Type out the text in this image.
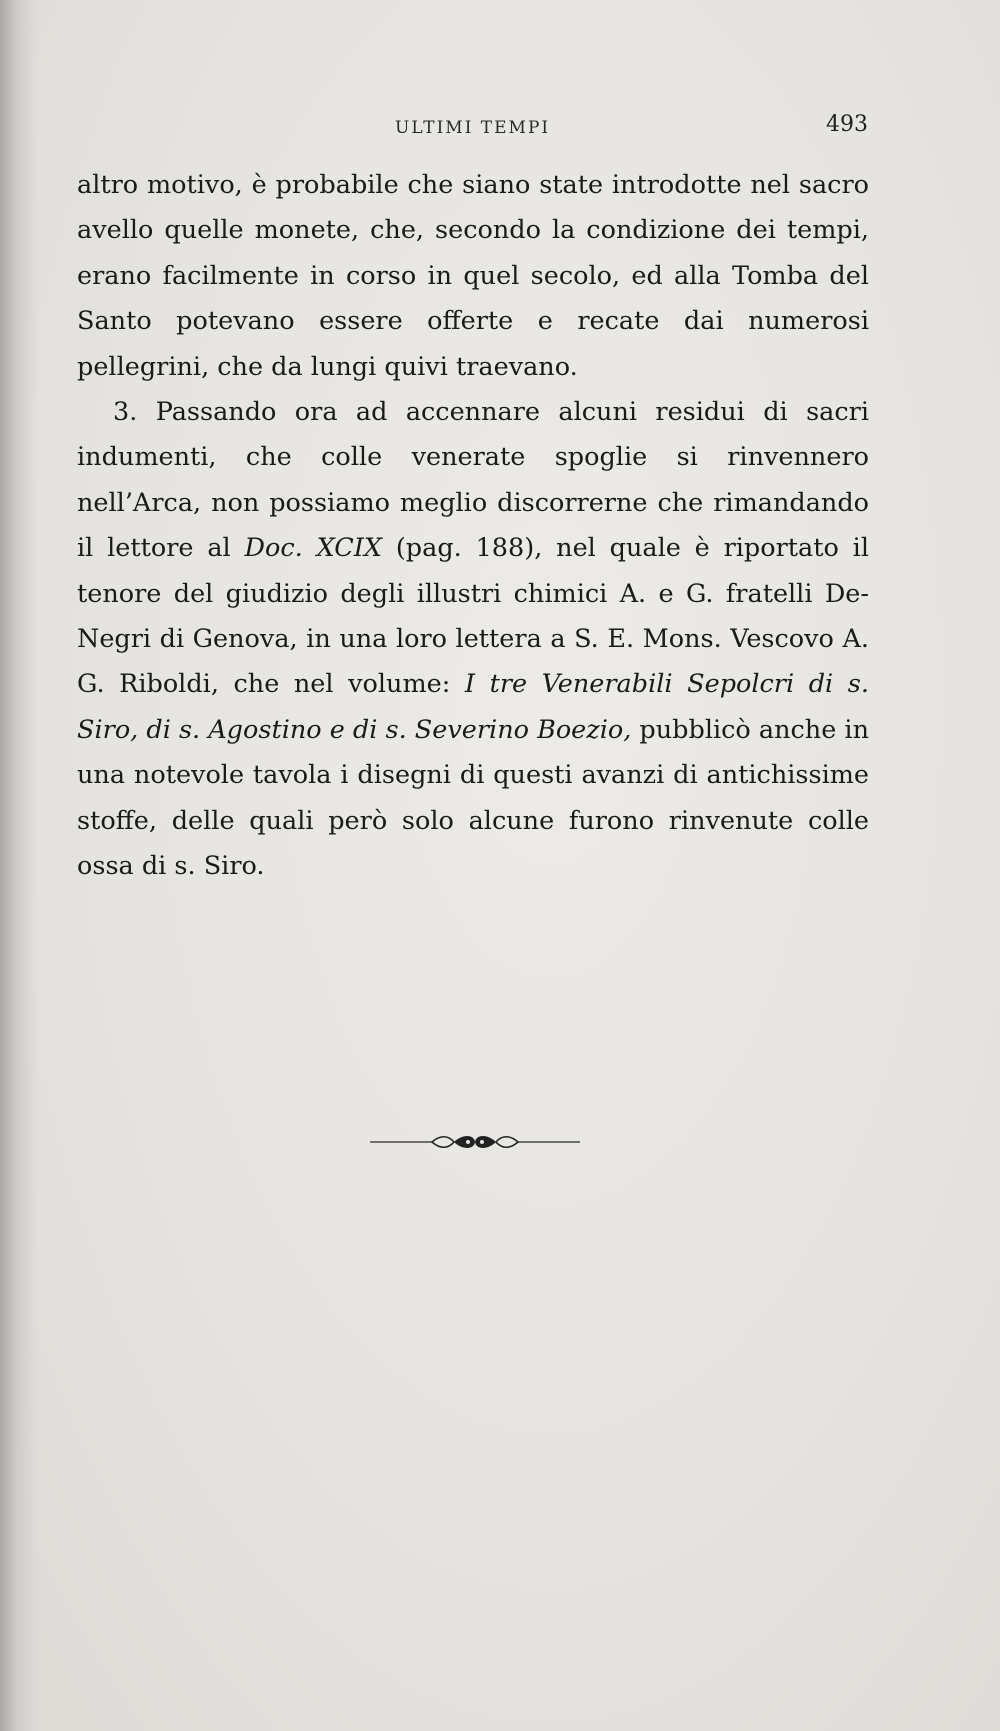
ULTIMI TEMPI	493

altro motivo, è probabile che siano state introdotte nel sacro avello quelle monete, che, secondo la condizione dei tempi, erano facilmente in corso in quel secolo, ed alla Tomba del Santo potevano essere offerte e recate dai numerosi pellegrini, che da lungi quivi traevano.

3. Passando ora ad accennare alcuni residui di sacri indumenti, che colle venerate spoglie si rinvennero nell’Arca, non possiamo meglio discorrerne che rimandando il lettore al Doc. XCIX (pag. 188), nel quale è riportato il tenore del giudizio degli illustri chimici A. e G. fratelli De-Negri di Genova, in una loro lettera a S. E. Mons. Vescovo A. G. Riboldi, che nel volume: I tre Venerabili Sepolcri di s. Siro, di s. Agostino e di s. Severino Boezio, pubblicò anche in una notevole tavola i disegni di questi avanzi di antichissime stoffe, delle quali però solo alcune furono rinvenute colle ossa di s. Siro.
